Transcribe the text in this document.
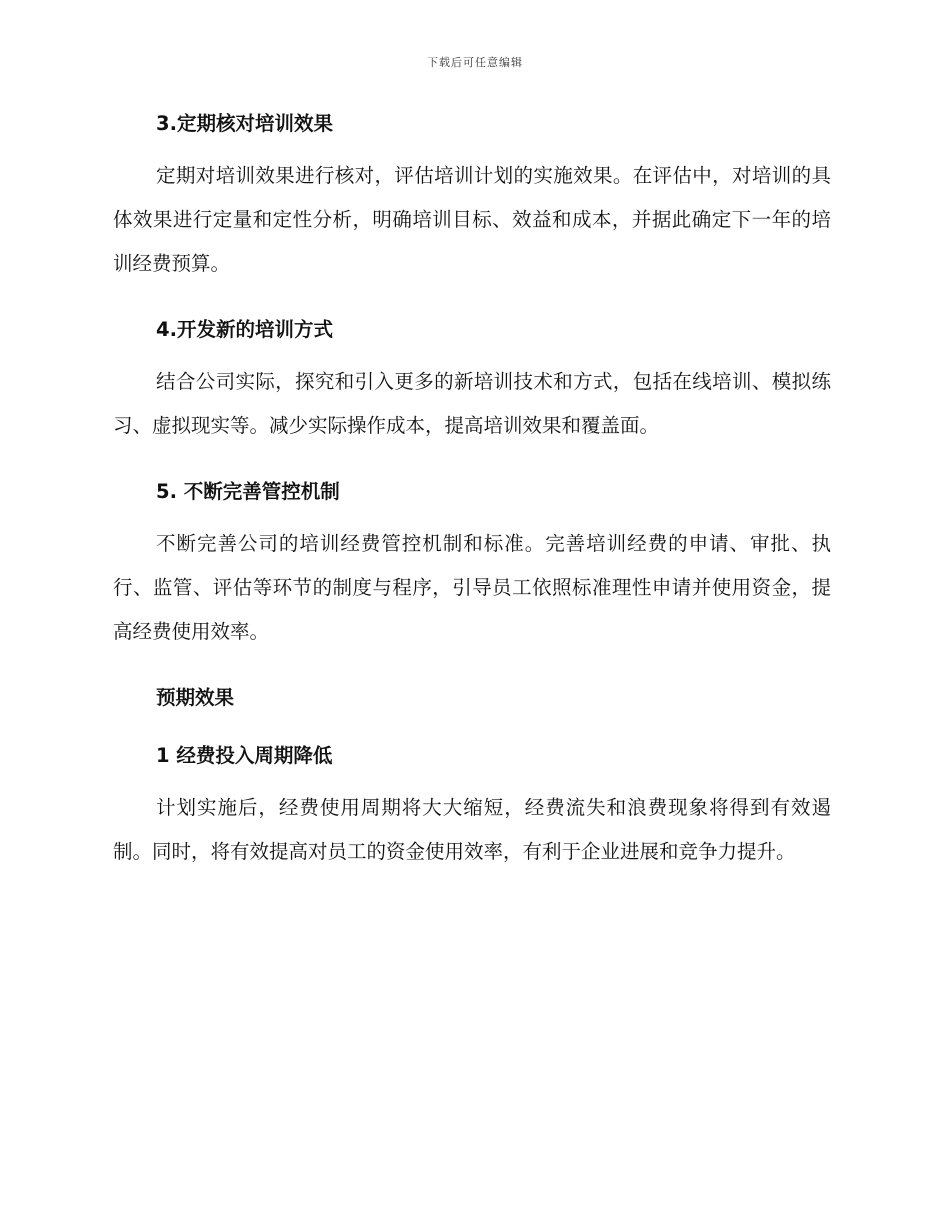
下载后可任意编辑

3.定期核对培训效果

定期对培训效果进行核对，评估培训计划的实施效果。在评估中，对培训的具体效果进行定量和定性分析，明确培训目标、效益和成本，并据此确定下一年的培训经费预算。

4.开发新的培训方式

结合公司实际，探究和引入更多的新培训技术和方式，包括在线培训、模拟练习、虚拟现实等。减少实际操作成本，提高培训效果和覆盖面。

5. 不断完善管控机制

不断完善公司的培训经费管控机制和标准。完善培训经费的申请、审批、执行、监管、评估等环节的制度与程序，引导员工依照标准理性申请并使用资金，提高经费使用效率。

预期效果

1 经费投入周期降低

计划实施后，经费使用周期将大大缩短，经费流失和浪费现象将得到有效遏制。同时，将有效提高对员工的资金使用效率，有利于企业进展和竞争力提升。
